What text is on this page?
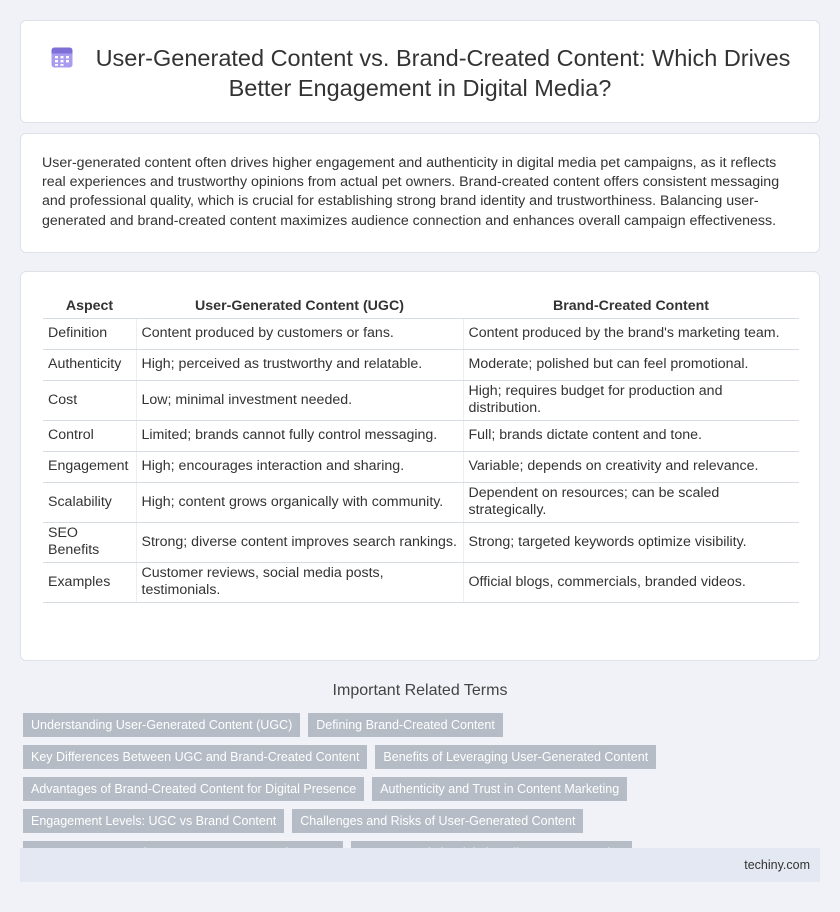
User-Generated Content vs. Brand-Created Content: Which Drives Better Engagement in Digital Media?

User-generated content often drives higher engagement and authenticity in digital media pet campaigns, as it reflects real experiences and trustworthy opinions from actual pet owners. Brand-created content offers consistent messaging and professional quality, which is crucial for establishing strong brand identity and trustworthiness. Balancing user-generated and brand-created content maximizes audience connection and enhances overall campaign effectiveness.

Aspect	User-Generated Content (UGC)	Brand-Created Content
Definition	Content produced by customers or fans.	Content produced by the brand's marketing team.
Authenticity	High; perceived as trustworthy and relatable.	Moderate; polished but can feel promotional.
Cost	Low; minimal investment needed.	High; requires budget for production and distribution.
Control	Limited; brands cannot fully control messaging.	Full; brands dictate content and tone.
Engagement	High; encourages interaction and sharing.	Variable; depends on creativity and relevance.
Scalability	High; content grows organically with community.	Dependent on resources; can be scaled strategically.
SEO Benefits	Strong; diverse content improves search rankings.	Strong; targeted keywords optimize visibility.
Examples	Customer reviews, social media posts, testimonials.	Official blogs, commercials, branded videos.
Important Related Terms
Understanding User-Generated Content (UGC)	Defining Brand-Created Content
Key Differences Between UGC and Brand-Created Content	Benefits of Leveraging User-Generated Content
Advantages of Brand-Created Content for Digital Presence	Authenticity and Trust in Content Marketing
Engagement Levels: UGC vs Brand Content	Challenges and Risks of User-Generated Content
techiny.com
